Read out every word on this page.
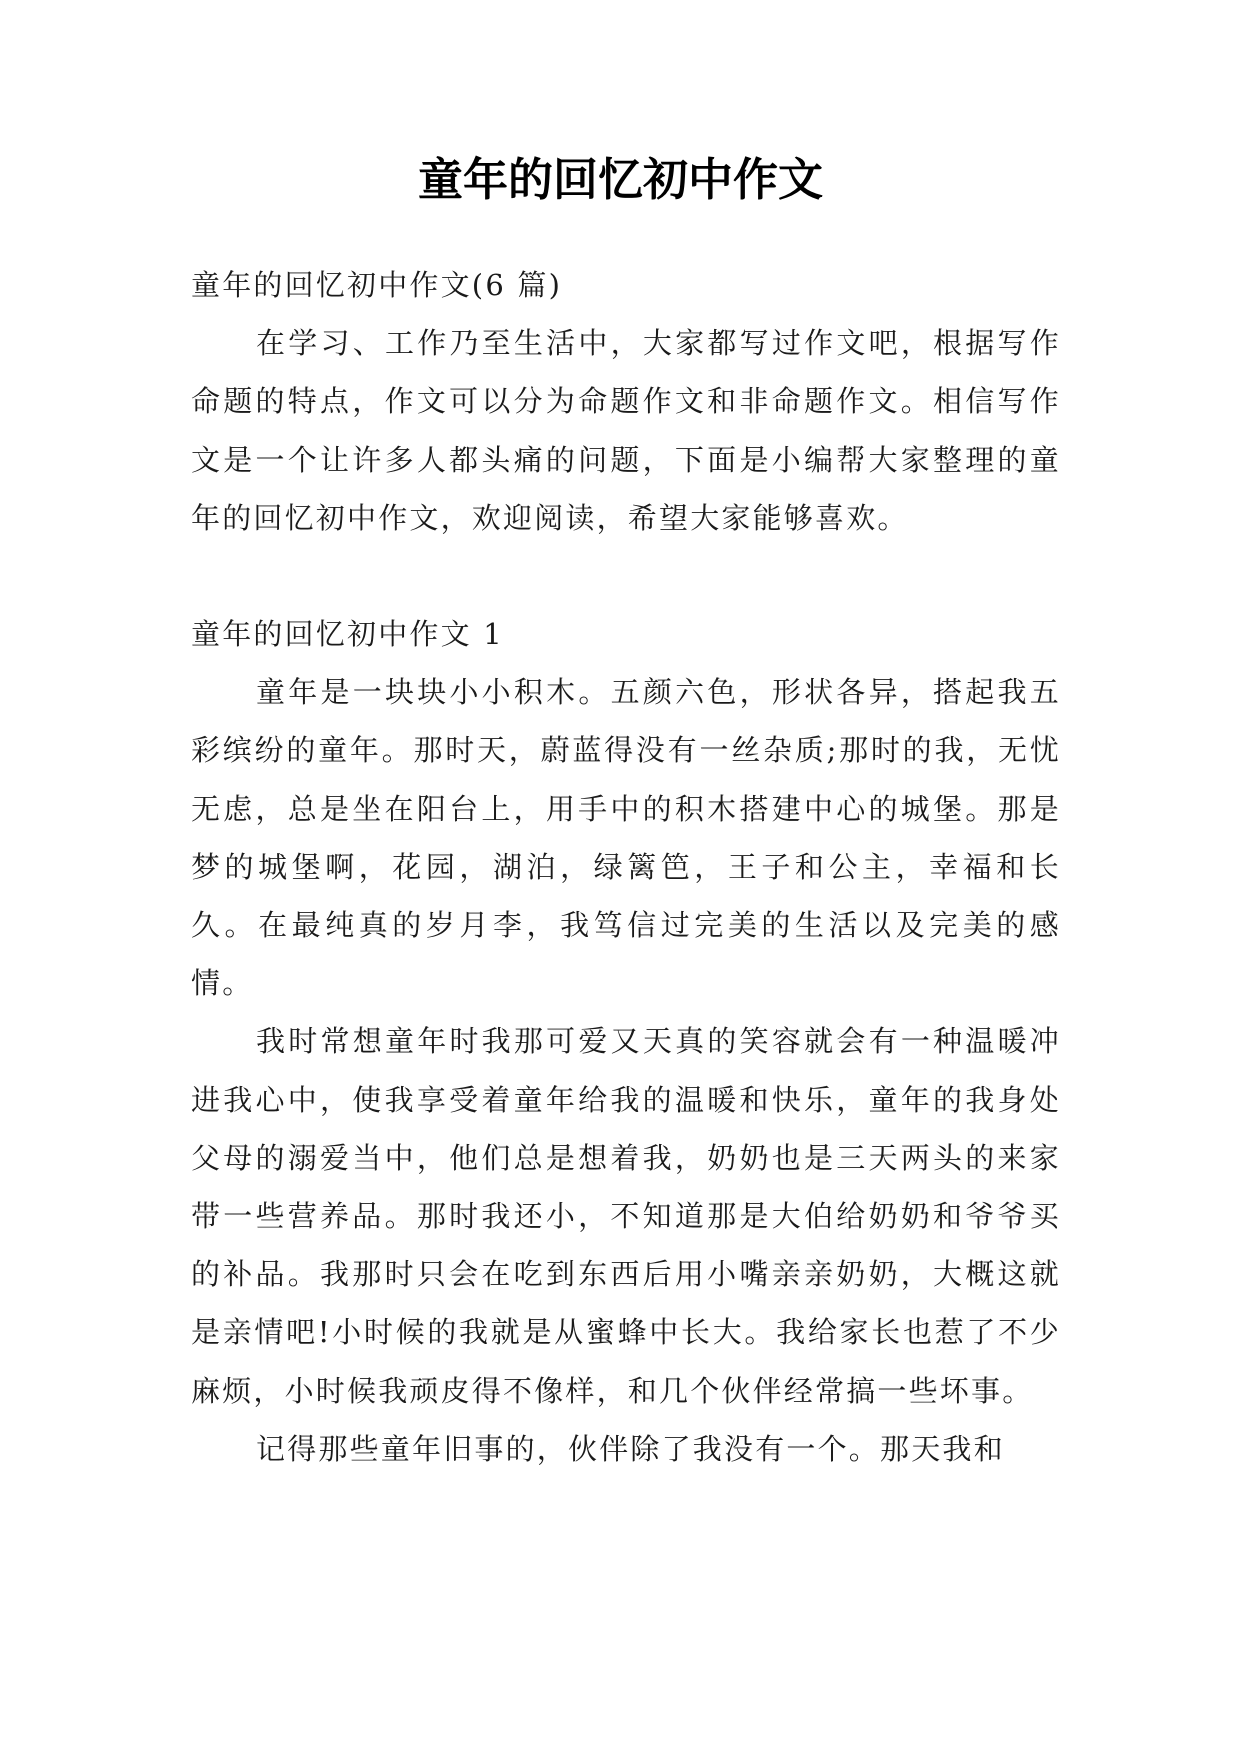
童年的回忆初中作文

童年的回忆初中作文(6 篇)

在学习、工作乃至生活中，大家都写过作文吧，根据写作命题的特点，作文可以分为命题作文和非命题作文。相信写作文是一个让许多人都头痛的问题，下面是小编帮大家整理的童年的回忆初中作文，欢迎阅读，希望大家能够喜欢。

童年的回忆初中作文 1

童年是一块块小小积木。五颜六色，形状各异，搭起我五彩缤纷的童年。那时天，蔚蓝得没有一丝杂质;那时的我，无忧无虑，总是坐在阳台上，用手中的积木搭建中心的城堡。那是梦的城堡啊，花园，湖泊，绿篱笆，王子和公主，幸福和长久。在最纯真的岁月李，我笃信过完美的生活以及完美的感情。

我时常想童年时我那可爱又天真的笑容就会有一种温暖冲进我心中，使我享受着童年给我的温暖和快乐，童年的我身处父母的溺爱当中，他们总是想着我，奶奶也是三天两头的来家带一些营养品。那时我还小，不知道那是大伯给奶奶和爷爷买的补品。我那时只会在吃到东西后用小嘴亲亲奶奶，大概这就是亲情吧!小时候的我就是从蜜蜂中长大。我给家长也惹了不少麻烦，小时候我顽皮得不像样，和几个伙伴经常搞一些坏事。

记得那些童年旧事的，伙伴除了我没有一个。那天我和
